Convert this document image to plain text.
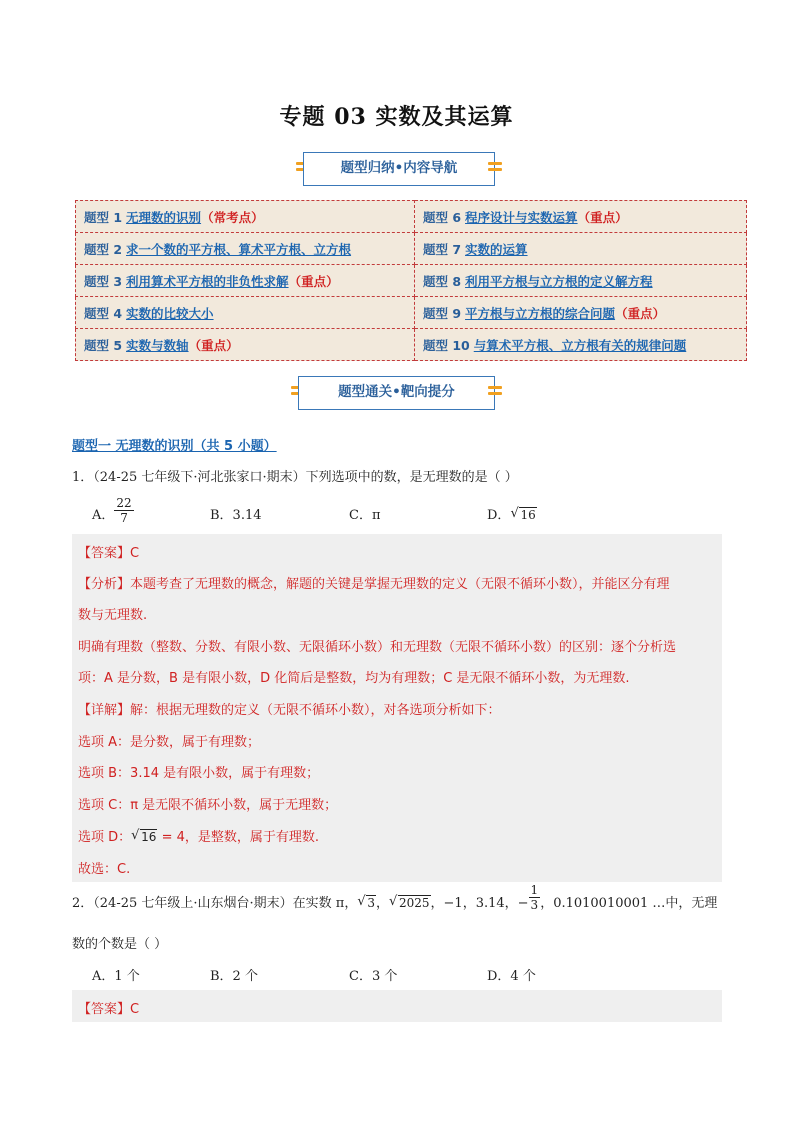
专题 03 实数及其运算
题型归纳•内容导航
题型 1 无理数的识别（常考点）	题型 6 程序设计与实数运算（重点）
题型 2 求一个数的平方根、算术平方根、立方根	题型 7 实数的运算
题型 3 利用算术平方根的非负性求解（重点）	题型 8 利用平方根与立方根的定义解方程
题型 4 实数的比较大小	题型 9 平方根与立方根的综合问题（重点）
题型 5 实数与数轴（重点）	题型 10 与算术平方根、立方根有关的规律问题
题型通关•靶向提分
题型一 无理数的识别（共 5 小题）
1．（24-25 七年级下·河北张家口·期末）下列选项中的数，是无理数的是（ ）
A． $\frac{22}{7}$	B．3.14	C．π	D． √ 16
【答案】C
【分析】本题考查了无理数的概念，解题的关键是掌握无理数的定义（无限不循环小数），并能区分有理
数与无理数.
明确有理数（整数、分数、有限小数、无限循环小数）和无理数（无限不循环小数）的区别：逐个分析选
项：A 是分数，B 是有限小数，D 化简后是整数，均为有理数；C 是无限不循环小数，为无理数.
【详解】解：根据无理数的定义（无限不循环小数），对各选项分析如下：
选项 A：是分数，属于有理数；
选项 B：3.14 是有限小数，属于有理数；
选项 C：π 是无限不循环小数，属于无理数；
选项 D： √ 16 = 4，是整数，属于有理数.
故选：C.
2．（24-25 七年级上·山东烟台·期末）在实数 π， √ 3， √ 2025，−1，3.14，− $\frac{1}{3}$ ，0.1010010001 …中，无理
数的个数是（ ）
A．1 个	B．2 个	C．3 个	D．4 个
【答案】C
